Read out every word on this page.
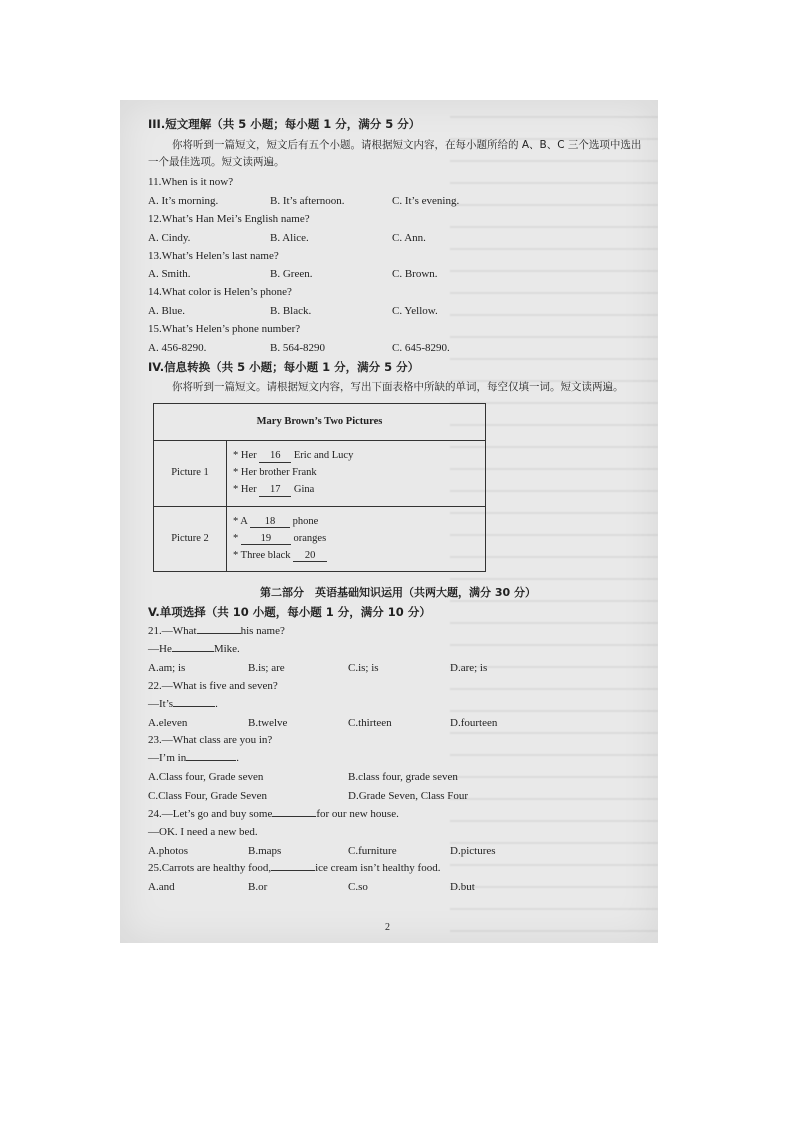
III.短文理解（共 5 小题；每小题 1 分，满分 5 分）

你将听到一篇短文，短文后有五个小题。请根据短文内容，在每小题所给的 A、B、C 三个选项中选出一个最佳选项。短文读两遍。

11.When is it now?
A. It’s morning.	B. It’s afternoon.	C. It’s evening.
12.What’s Han Mei’s English name?
A. Cindy.	B. Alice.	C. Ann.
13.What’s Helen’s last name?
A. Smith.	B. Green.	C. Brown.
14.What color is Helen’s phone?
A. Blue.	B. Black.	C. Yellow.
15.What’s Helen’s phone number?
A. 456-8290.	B. 564-8290	C. 645-8290.
IV.信息转换（共 5 小题；每小题 1 分，满分 5 分）

你将听到一篇短文。请根据短文内容，写出下面表格中所缺的单词，每空仅填一词。短文读两遍。

Mary Brown’s Two Pictures	
Picture 1	* Her 16 Eric and Lucy
* Her brother Frank
* Her 17 Gina

Picture 2	* A 18 phone
* 19 oranges
* Three black 20
第二部分　英语基础知识运用（共两大题，满分 30 分）
V.单项选择（共 10 小题，每小题 1 分，满分 10 分）
21.—What	his name?
—He	Mike.
A.am; is	B.is; are	C.is; is	D.are; is
22.—What is five and seven?
—It’s	.
A.eleven	B.twelve	C.thirteen	D.fourteen
23.—What class are you in?
—I’m in	.
A.Class four, Grade seven	B.class four, grade seven
C.Class Four, Grade Seven	D.Grade Seven, Class Four
24.—Let’s go and buy some	for our new house.
—OK. I need a new bed.
A.photos	B.maps	C.furniture	D.pictures
25.Carrots are healthy food,	ice cream isn’t healthy food.
A.and	B.or	C.so	D.but
2
